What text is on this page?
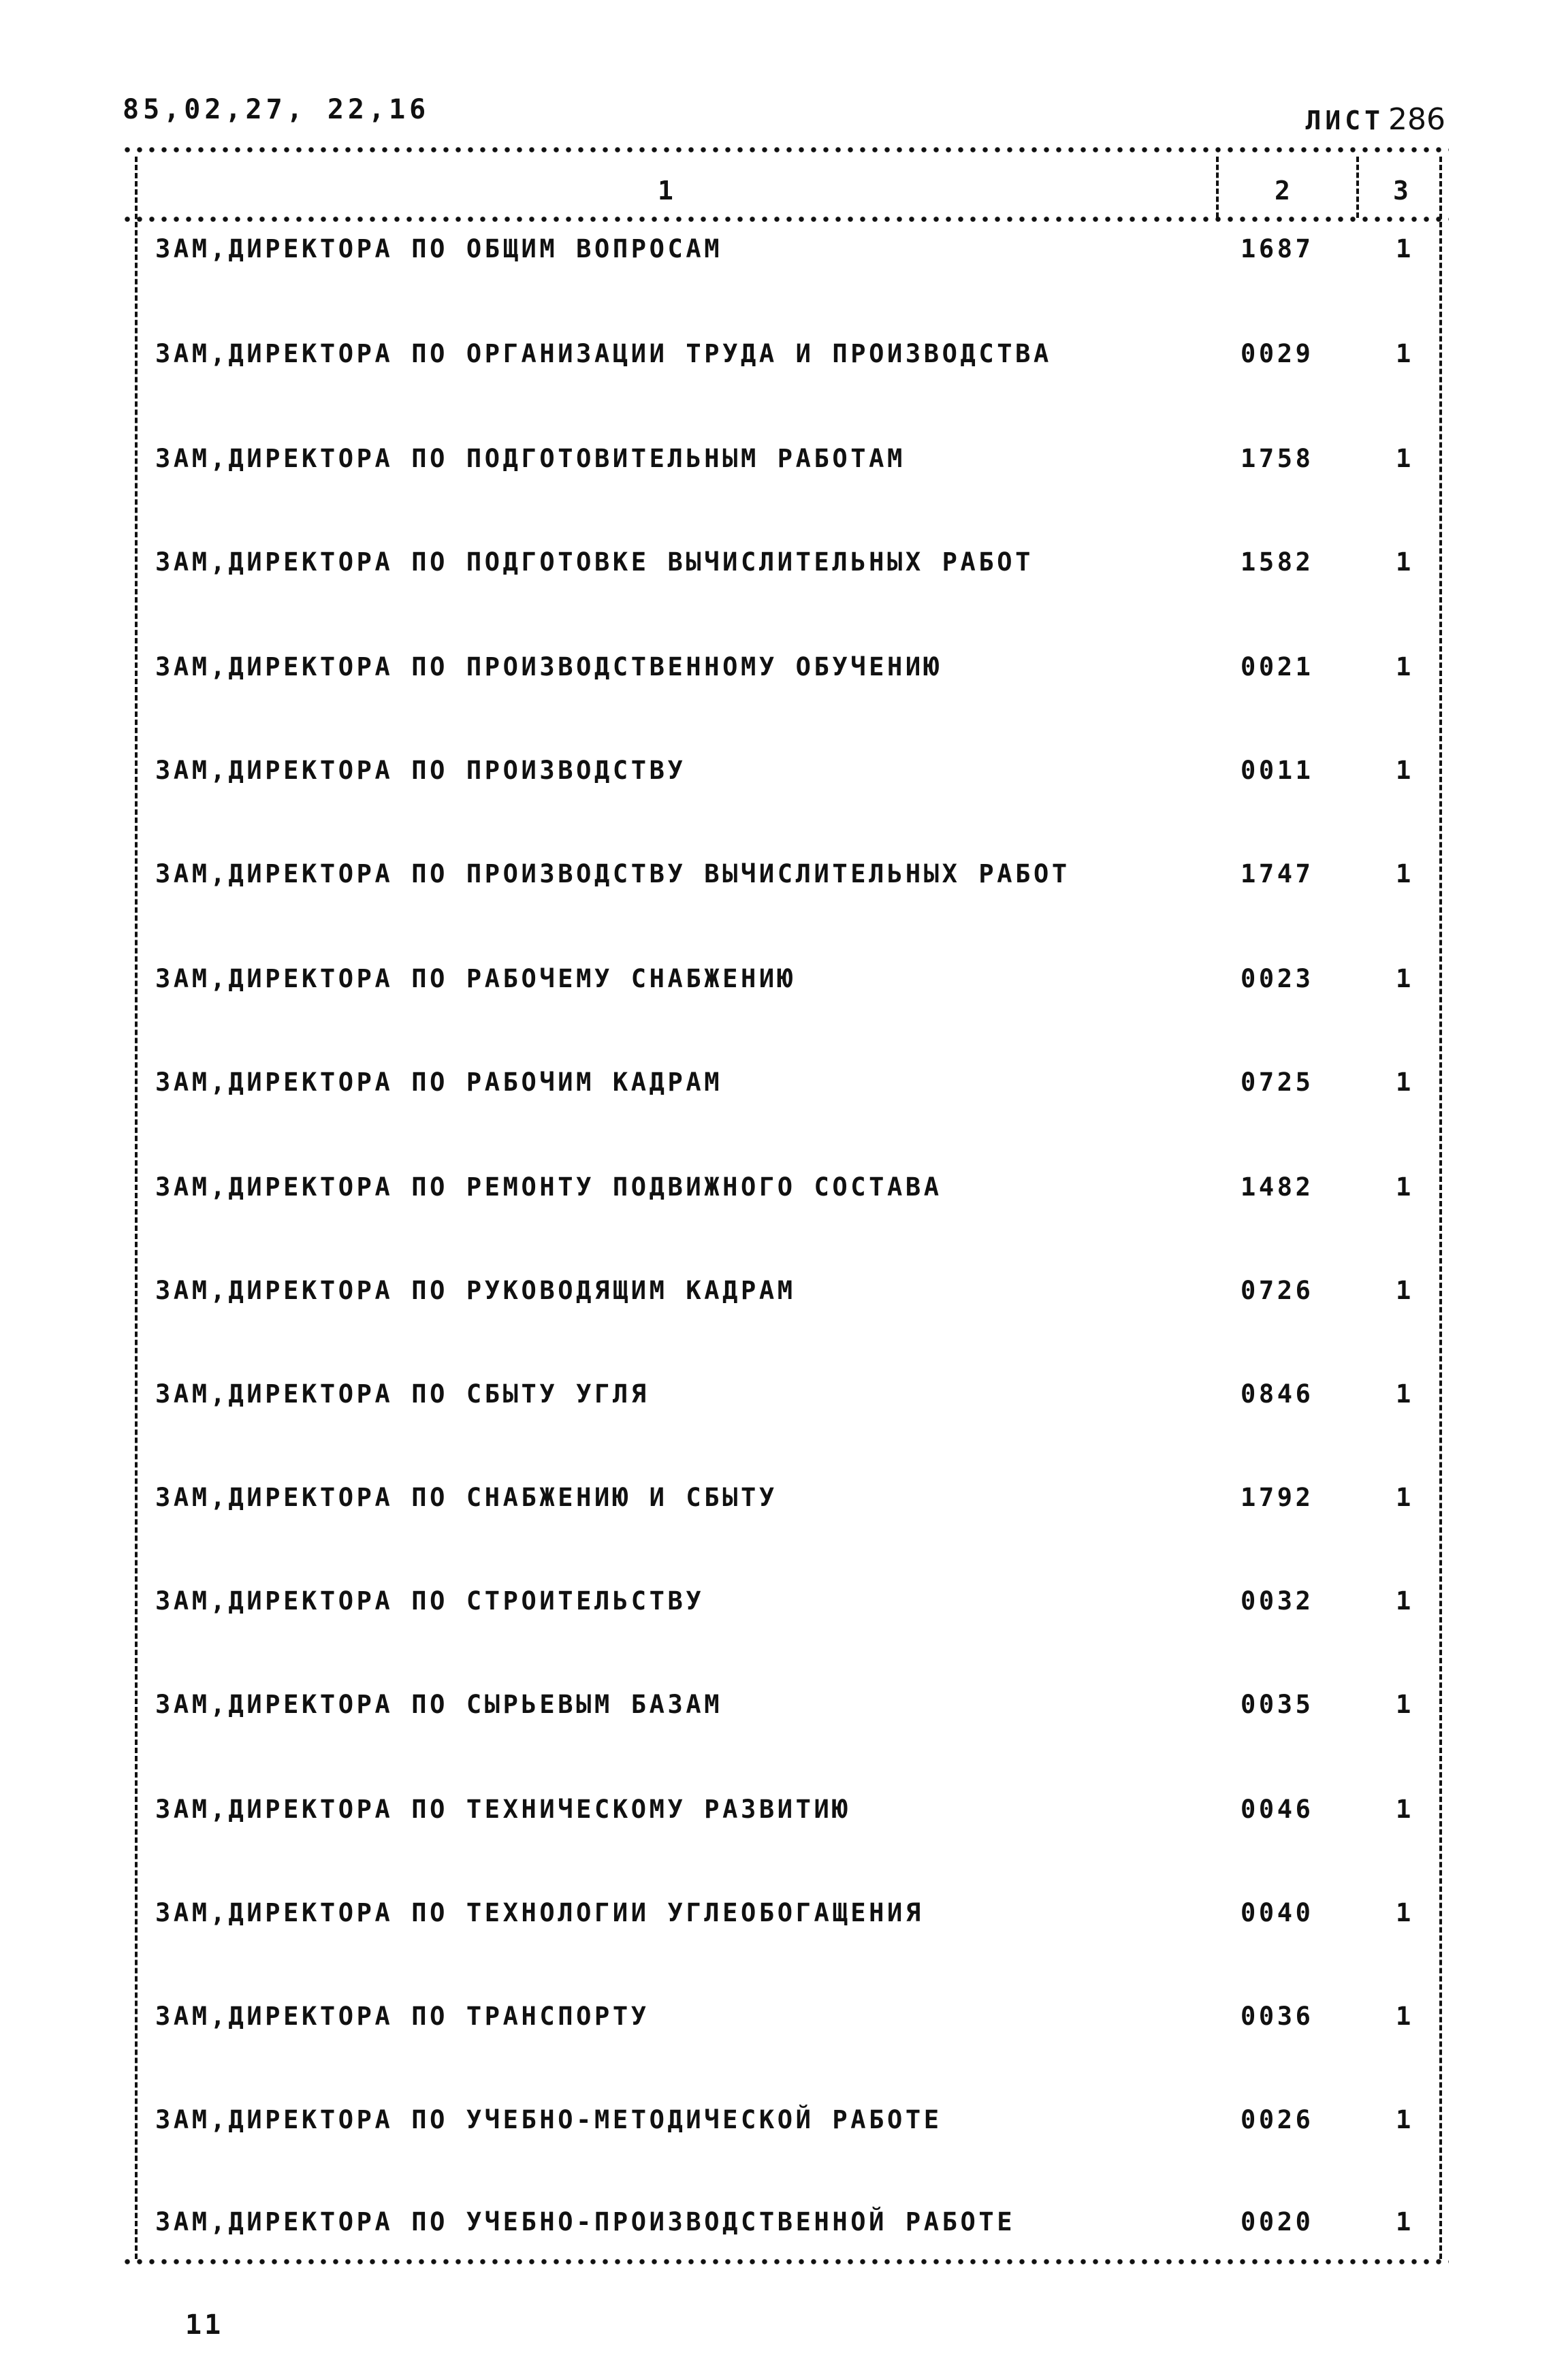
85,02,27, 22,16	ЛИСТ 286
1	2	3
ЗАМ,ДИРЕКТОРА ПО ОБЩИМ ВОПРОСАМ	1687	1
ЗАМ,ДИРЕКТОРА ПО ОРГАНИЗАЦИИ ТРУДА И ПРОИЗВОДСТВА	0029	1
ЗАМ,ДИРЕКТОРА ПО ПОДГОТОВИТЕЛЬНЫМ РАБОТАМ	1758	1
ЗАМ,ДИРЕКТОРА ПО ПОДГОТОВКЕ ВЫЧИСЛИТЕЛЬНЫХ РАБОТ	1582	1
ЗАМ,ДИРЕКТОРА ПО ПРОИЗВОДСТВЕННОМУ ОБУЧЕНИЮ	0021	1
ЗАМ,ДИРЕКТОРА ПО ПРОИЗВОДСТВУ	0011	1
ЗАМ,ДИРЕКТОРА ПО ПРОИЗВОДСТВУ ВЫЧИСЛИТЕЛЬНЫХ РАБОТ	1747	1
ЗАМ,ДИРЕКТОРА ПО РАБОЧЕМУ СНАБЖЕНИЮ	0023	1
ЗАМ,ДИРЕКТОРА ПО РАБОЧИМ КАДРАМ	0725	1
ЗАМ,ДИРЕКТОРА ПО РЕМОНТУ ПОДВИЖНОГО СОСТАВА	1482	1
ЗАМ,ДИРЕКТОРА ПО РУКОВОДЯЩИМ КАДРАМ	0726	1
ЗАМ,ДИРЕКТОРА ПО СБЫТУ УГЛЯ	0846	1
ЗАМ,ДИРЕКТОРА ПО СНАБЖЕНИЮ И СБЫТУ	1792	1
ЗАМ,ДИРЕКТОРА ПО СТРОИТЕЛЬСТВУ	0032	1
ЗАМ,ДИРЕКТОРА ПО СЫРЬЕВЫМ БАЗАМ	0035	1
ЗАМ,ДИРЕКТОРА ПО ТЕХНИЧЕСКОМУ РАЗВИТИЮ	0046	1
ЗАМ,ДИРЕКТОРА ПО ТЕХНОЛОГИИ УГЛЕОБОГАЩЕНИЯ	0040	1
ЗАМ,ДИРЕКТОРА ПО ТРАНСПОРТУ	0036	1
ЗАМ,ДИРЕКТОРА ПО УЧЕБНО-МЕТОДИЧЕСКОЙ РАБОТЕ	0026	1
ЗАМ,ДИРЕКТОРА ПО УЧЕБНО-ПРОИЗВОДСТВЕННОЙ РАБОТЕ	0020	1
11
